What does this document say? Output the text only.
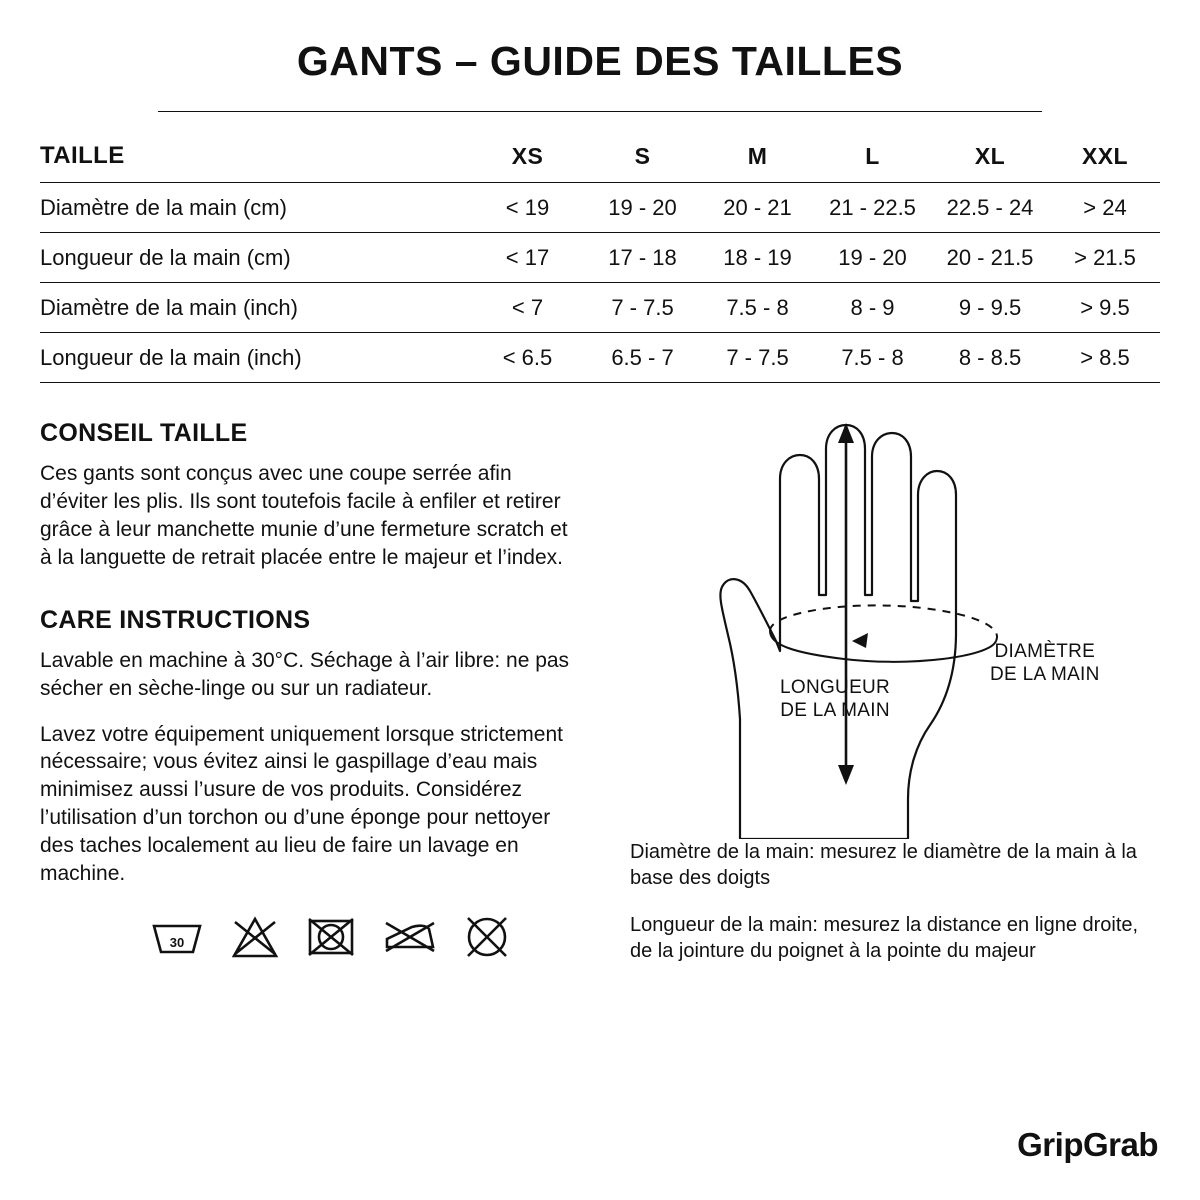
GANTS – GUIDE DES TAILLES
TAILLE	XS	S	M	L	XL	XXL
Diamètre de la main (cm)	< 19	19 - 20	20 - 21	21 - 22.5	22.5 - 24	> 24
Longueur de la main (cm)	< 17	17 - 18	18 - 19	19 - 20	20 - 21.5	> 21.5
Diamètre de la main (inch)	< 7	7 - 7.5	7.5 - 8	8 - 9	9 - 9.5	> 9.5
Longueur de la main (inch)	< 6.5	6.5 - 7	7 - 7.5	7.5 - 8	8 - 8.5	> 8.5
CONSEIL TAILLE

Ces gants sont conçus avec une coupe serrée afin d’éviter les plis. Ils sont toutefois facile à enfiler et retirer grâce à leur manchette munie d’une fermeture scratch et à la languette de retrait placée entre le majeur et l’index.

CARE INSTRUCTIONS

Lavable en machine à 30°C. Séchage à l’air libre: ne pas sécher en sèche-linge ou sur un radiateur.

Lavez votre équipement uniquement lorsque strictement nécessaire; vous évitez ainsi le gaspillage d’eau mais minimisez aussi l’usure de vos produits. Considérez l’utilisation d’un torchon ou d’une éponge pour nettoyer des taches localement au lieu de faire un lavage en machine.

30
LONGUEUR
DE LA MAIN
DIAMÈTRE
DE LA MAIN

Diamètre de la main: mesurez le diamètre de la main à la base des doigts

Longueur de la main: mesurez la distance en ligne droite, de la jointure du poignet à la pointe du majeur

GripGrab
